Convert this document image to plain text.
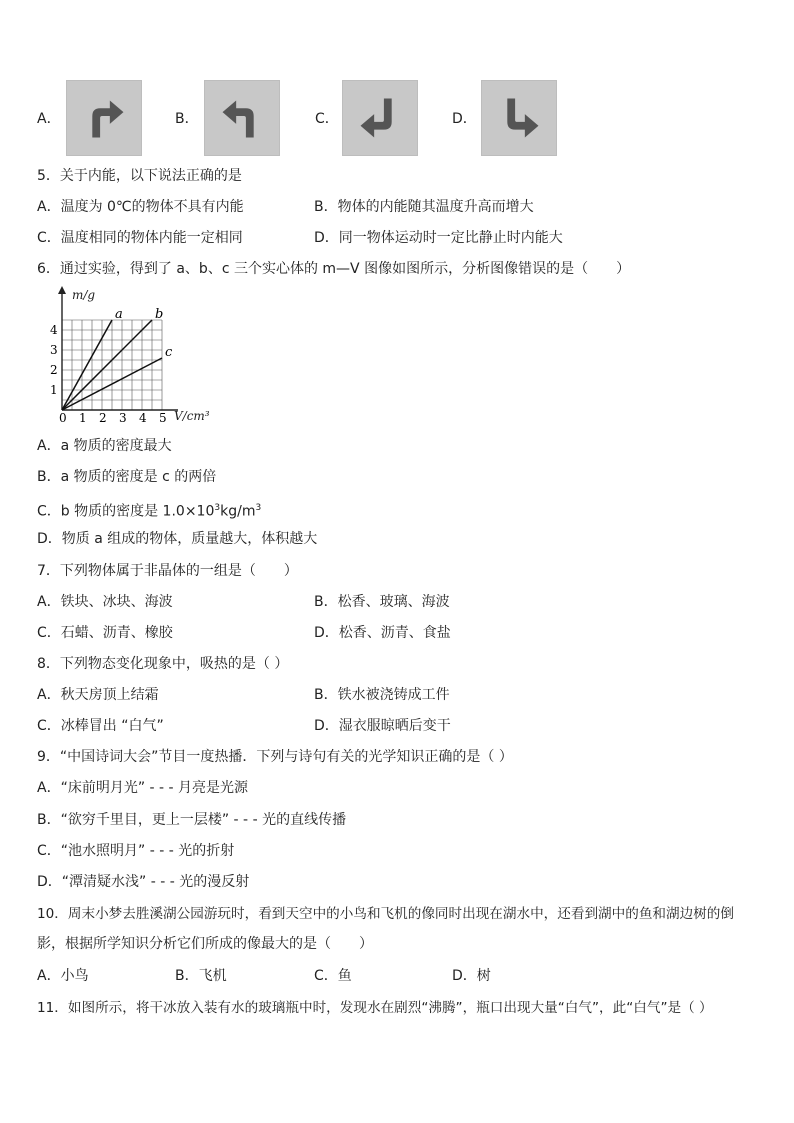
A．	B．	C．	D．
5．关于内能，以下说法正确的是
A．温度为 0℃的物体不具有内能	B．物体的内能随其温度升高而增大
C．温度相同的物体内能一定相同	D．同一物体运动时一定比静止时内能大
6．通过实验，得到了 a、b、c 三个实心体的 m—V 图像如图所示，分析图像错误的是（　　）
0 1 2 3 4 5
1
2
3
4
a b
c
m/g
V/cm³
A．a 物质的密度最大
B．a 物质的密度是 c 的两倍
C．b 物质的密度是 $1.0\times 10^3kg/m^3$
D．物质 a 组成的物体，质量越大，体积越大
7．下列物体属于非晶体的一组是（　　）
A．铁块、冰块、海波	B．松香、玻璃、海波
C．石蜡、沥青、橡胶	D．松香、沥青、食盐
8．下列物态变化现象中，吸热的是（ ）
A．秋天房顶上结霜	B．铁水被浇铸成工件
C．冰棒冒出 “白气”	D．湿衣服晾晒后变干
9．“中国诗词大会”节目一度热播．下列与诗句有关的光学知识正确的是（ ）
A．“床前明月光” - - - 月亮是光源
B．“欲穷千里目，更上一层楼” - - - 光的直线传播
C．“池水照明月” - - - 光的折射
D．“潭清疑水浅” - - - 光的漫反射
10．周末小梦去胜溪湖公园游玩时，看到天空中的小鸟和飞机的像同时出现在湖水中，还看到湖中的鱼和湖边树的倒
影，根据所学知识分析它们所成的像最大的是（　　）
A．小鸟	B．飞机	C．鱼	D．树
11．如图所示，将干冰放入装有水的玻璃瓶中时，发现水在剧烈“沸腾”，瓶口出现大量“白气”，此“白气”是（ ）
